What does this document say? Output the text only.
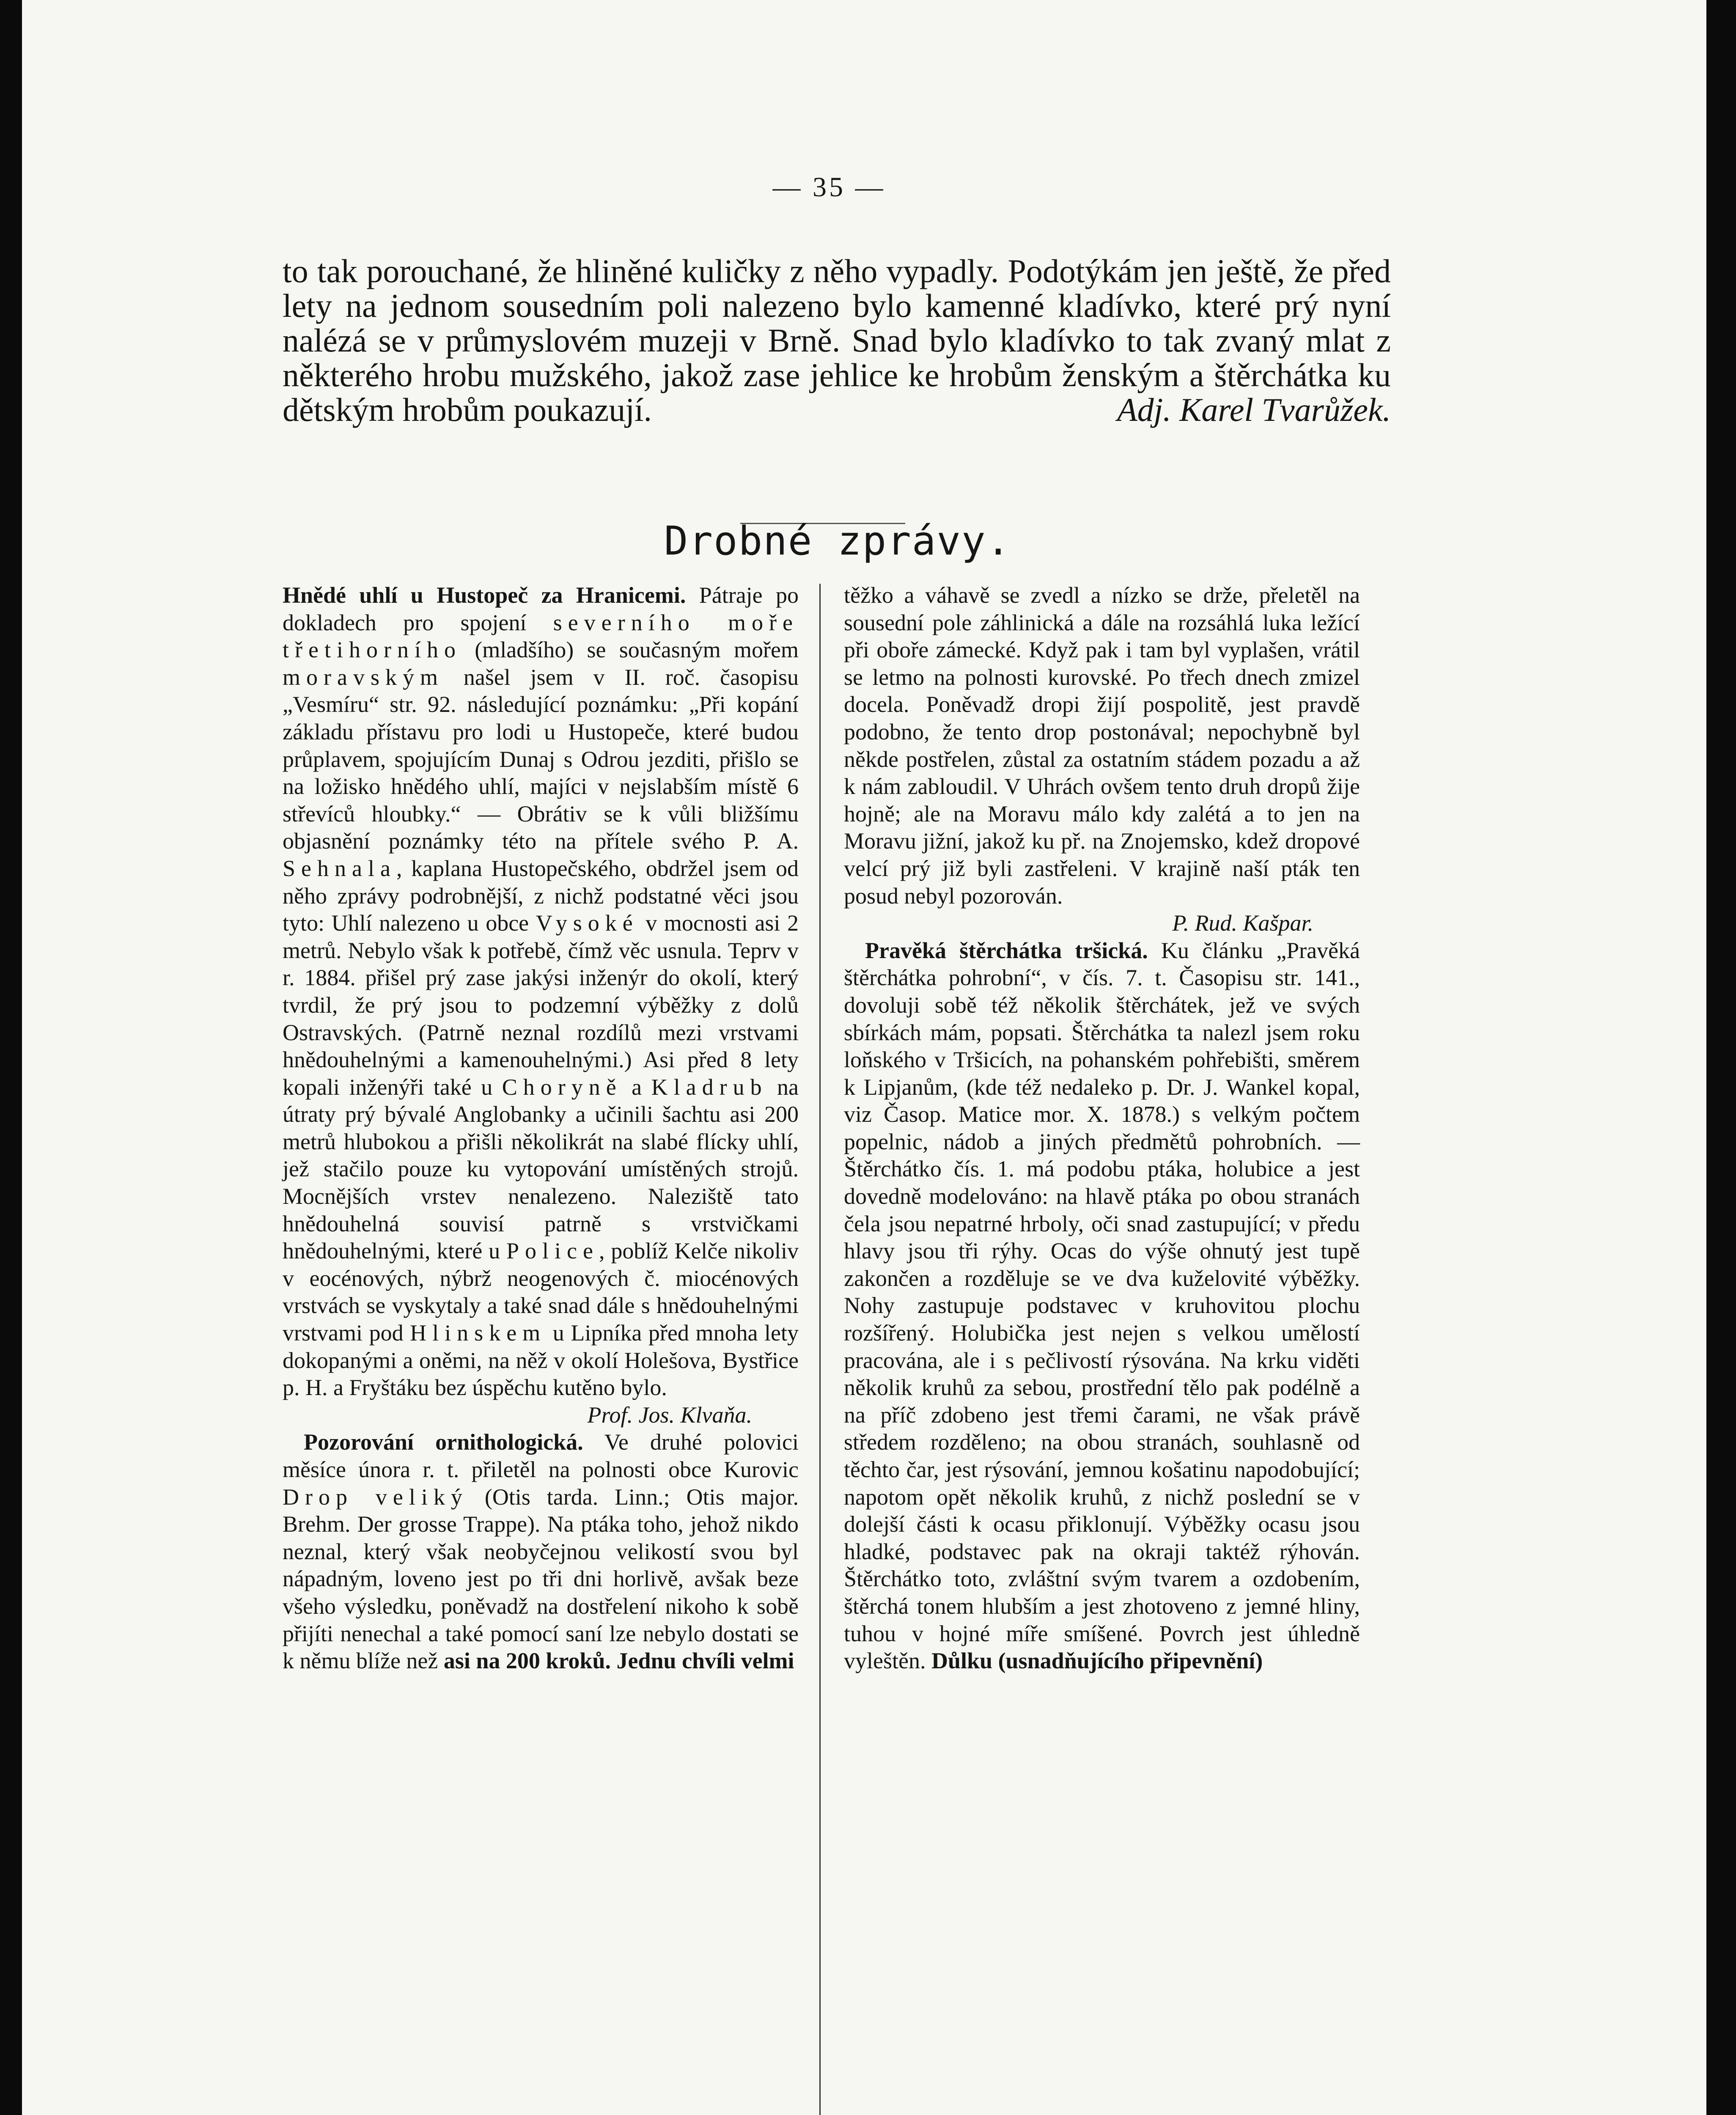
— 35 —

to tak porouchané, že hliněné kuličky z něho vypadly. Podotýkám jen ještě, že před lety na jednom sousedním poli nalezeno bylo kamenné kladívko, které prý nyní nalézá se v průmyslovém muzeji v Brně. Snad bylo kladívko to tak zvaný mlat z některého hrobu mužského, jakož zase jehlice ke hrobům ženským a štěrchátka ku dětským hrobům poukazují.	Adj. Karel Tvarůžek.

Drobné zprávy.

Hnědé uhlí u Hustopeč za Hranicemi. Pátraje po dokladech pro spojení severního moře třetihorního (mladšího) se současným mořem moravským našel jsem v II. roč. časopisu „Vesmíru“ str. 92. následující poznámku: „Při kopání základu přístavu pro lodi u Hustopeče, které budou průplavem, spojujícím Dunaj s Odrou jezditi, přišlo se na ložisko hnědého uhlí, majíci v nejslabším místě 6 střevíců hloubky.“ — Obrátiv se k vůli bližšímu objasnění poznámky této na přítele svého P. A. Sehnala, kaplana Hustopečského, obdržel jsem od něho zprávy podrobnější, z nichž podstatné věci jsou tyto: Uhlí nalezeno u obce Vysoké v mocnosti asi 2 metrů. Nebylo však k potřebě, čímž věc usnula. Teprv v r. 1884. přišel prý zase jakýsi inženýr do okolí, který tvrdil, že prý jsou to podzemní výběžky z dolů Ostravských. (Patrně neznal rozdílů mezi vrstvami hnědouhelnými a kamenouhelnými.) Asi před 8 lety kopali inženýři také u Choryně a Kladrub na útraty prý bývalé Anglobanky a učinili šachtu asi 200 metrů hlubokou a přišli několikrát na slabé flícky uhlí, jež stačilo pouze ku vytopování umístěných strojů. Mocnějších vrstev nenalezeno. Naleziště tato hnědouhelná souvisí patrně s vrstvičkami hnědouhelnými, které u Police, poblíž Kelče nikoliv v eocénových, nýbrž neogenových č. miocénových vrstvách se vyskytaly a také snad dále s hnědouhelnými vrstvami pod Hlinskem u Lipníka před mnoha lety dokopanými a oněmi, na něž v okolí Holešova, Bystřice p. H. a Fryštáku bez úspěchu kutěno bylo.
Prof. Jos. Klvaňa.

Pozorování ornithologická. Ve druhé polovici měsíce února r. t. přiletěl na polnosti obce Kurovic Drop veliký (Otis tarda. Linn.; Otis major. Brehm. Der grosse Trappe). Na ptáka toho, jehož nikdo neznal, který však neobyčejnou velikostí svou byl nápadným, loveno jest po tři dni horlivě, avšak beze všeho výsledku, poněvadž na dostřelení nikoho k sobě přijíti nenechal a také pomocí saní lze nebylo dostati se k němu blíže než asi na 200 kroků. Jednu chvíli velmi

těžko a váhavě se zvedl a nízko se drže, přeletěl na sousední pole záhlinická a dále na rozsáhlá luka ležící při oboře zámecké. Když pak i tam byl vyplašen, vrátil se letmo na polnosti kurovské. Po třech dnech zmizel docela. Poněvadž dropi žijí pospolitě, jest pravdě podobno, že tento drop postonával; nepochybně byl někde postřelen, zůstal za ostatním stádem pozadu a až k nám zabloudil. V Uhrách ovšem tento druh dropů žije hojně; ale na Moravu málo kdy zalétá a to jen na Moravu jižní, jakož ku př. na Znojemsko, kdež dropové velcí prý již byli zastřeleni. V krajině naší pták ten posud nebyl pozorován.
P. Rud. Kašpar.

Pravěká štěrchátka tršická. Ku článku „Pravěká štěrchátka pohrobní“, v čís. 7. t. Časopisu str. 141., dovoluji sobě též několik štěrchátek, jež ve svých sbírkách mám, popsati. Štěrchátka ta nalezl jsem roku loňského v Tršicích, na pohanském pohřebišti, směrem k Lipjanům, (kde též nedaleko p. Dr. J. Wankel kopal, viz Časop. Matice mor. X. 1878.) s velkým počtem popelnic, nádob a jiných předmětů pohrobních. — Štěrchátko čís. 1. má podobu ptáka, holubice a jest dovedně modelováno: na hlavě ptáka po obou stranách čela jsou nepatrné hrboly, oči snad zastupující; v předu hlavy jsou tři rýhy. Ocas do výše ohnutý jest tupě zakončen a rozděluje se ve dva kuželovité výběžky. Nohy zastupuje podstavec v kruhovitou plochu rozšířený. Holubička jest nejen s velkou umělostí pracována, ale i s pečlivostí rýsována. Na krku viděti několik kruhů za sebou, prostřední tělo pak podélně a na příč zdobeno jest třemi čarami, ne však právě středem rozděleno; na obou stranách, souhlasně od těchto čar, jest rýsování, jemnou košatinu napodobující; napotom opět několik kruhů, z nichž poslední se v dolejší části k ocasu přiklonují. Výběžky ocasu jsou hladké, podstavec pak na okraji taktéž rýhován. Štěrchátko toto, zvláštní svým tvarem a ozdobením, štěrchá tonem hlubším a jest zhotoveno z jemné hliny, tuhou v hojné míře smíšené. Povrch jest úhledně vyleštěn. Důlku (usnadňujícího připevnění)
